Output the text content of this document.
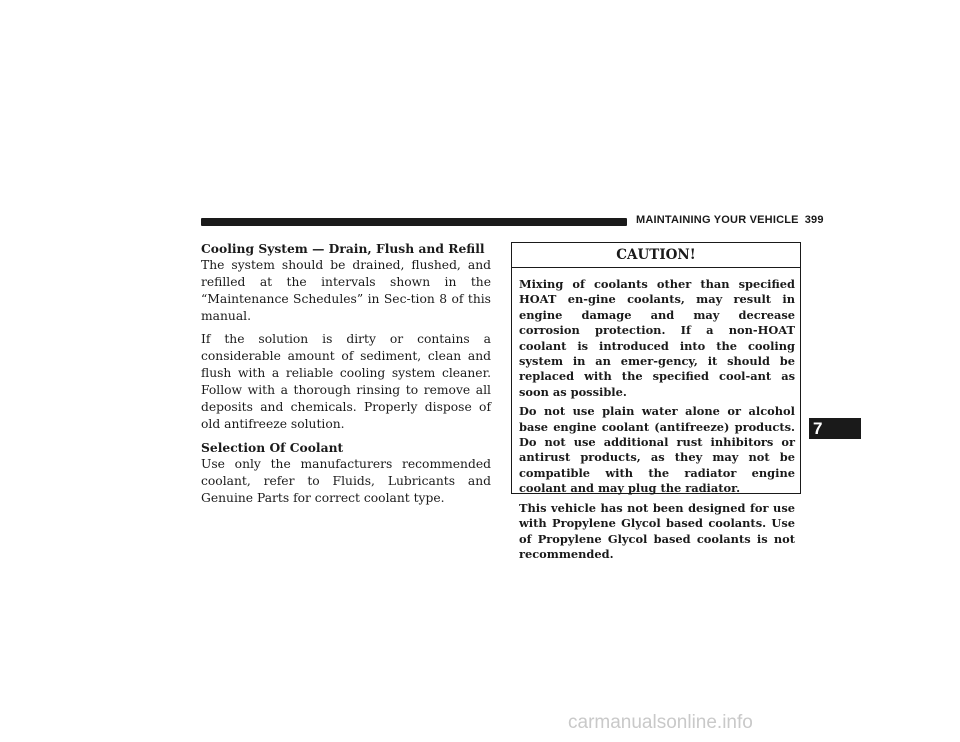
MAINTAINING YOUR VEHICLE 399
Cooling System — Drain, Flush and Refill

The system should be drained, flushed, and refilled at the intervals shown in the “Maintenance Schedules” in Sec-tion 8 of this manual.

If the solution is dirty or contains a considerable amount of sediment, clean and flush with a reliable cooling system cleaner. Follow with a thorough rinsing to remove all deposits and chemicals. Properly dispose of old antifreeze solution.

Selection Of Coolant

Use only the manufacturers recommended coolant, refer to Fluids, Lubricants and Genuine Parts for correct coolant type.

CAUTION!

Mixing of coolants other than specified HOAT en-gine coolants, may result in engine damage and may decrease corrosion protection. If a non-HOAT coolant is introduced into the cooling system in an emer-gency, it should be replaced with the specified cool-ant as soon as possible.

Do not use plain water alone or alcohol base engine coolant (antifreeze) products. Do not use additional rust inhibitors or antirust products, as they may not be compatible with the radiator engine coolant and may plug the radiator.

This vehicle has not been designed for use with Propylene Glycol based coolants. Use of Propylene Glycol based coolants is not recommended.

7
carmanualsonline.info
